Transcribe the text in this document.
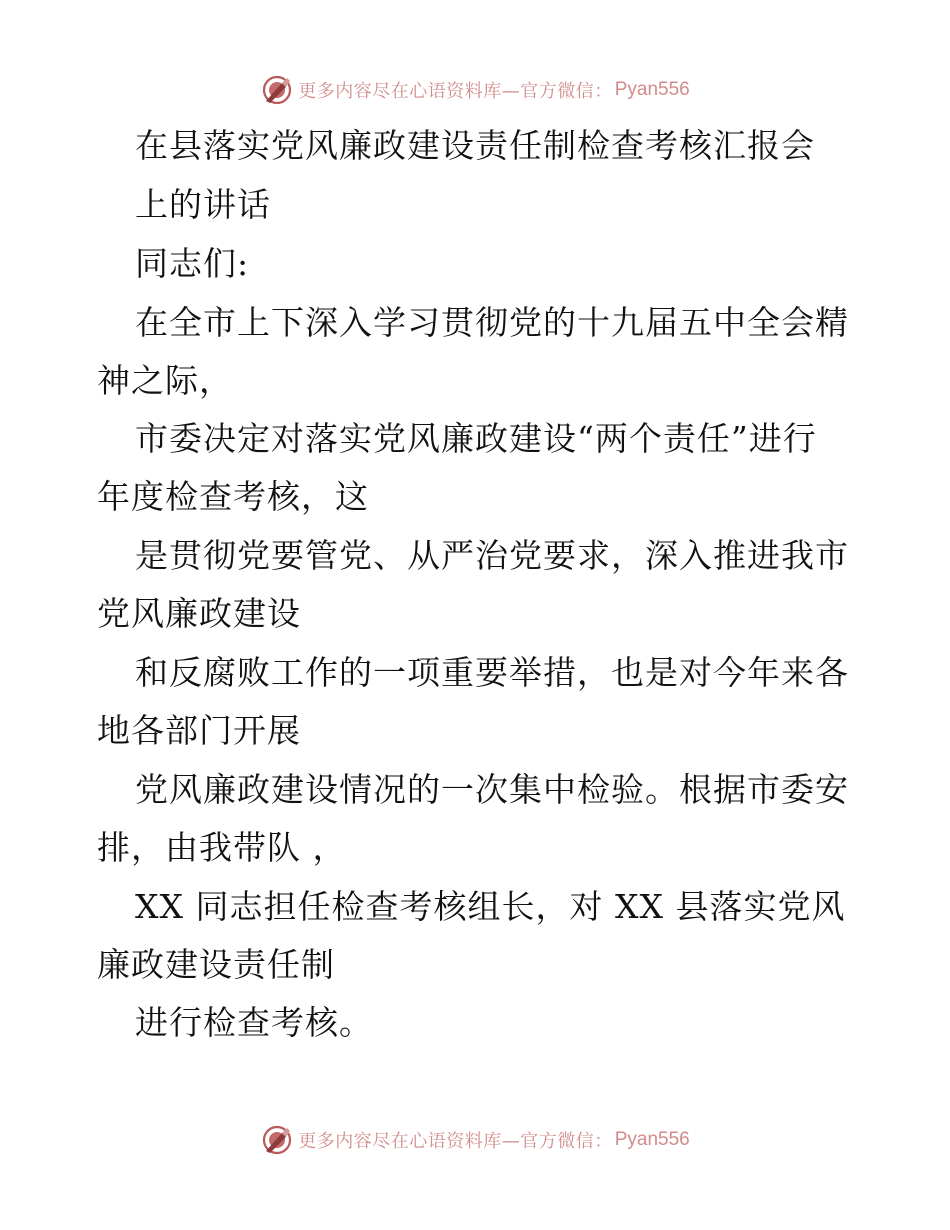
更多内容尽在心语资料库—官方微信： Pyan556
在县落实党风廉政建设责任制检查考核汇报会
上的讲话
同志们:
在全市上下深入学习贯彻党的十九届五中全会精
神之际，
市委决定对落实党风廉政建设“两个责任”进行
年度检查考核，这
是贯彻党要管党、从严治党要求，深入推进我市
党风廉政建设
和反腐败工作的一项重要举措，也是对今年来各
地各部门开展
党风廉政建设情况的一次集中检验。根据市委安
排，由我带队 ，
XX 同志担任检查考核组长，对 XX 县落实党风
廉政建设责任制
进行检查考核。
更多内容尽在心语资料库—官方微信： Pyan556
